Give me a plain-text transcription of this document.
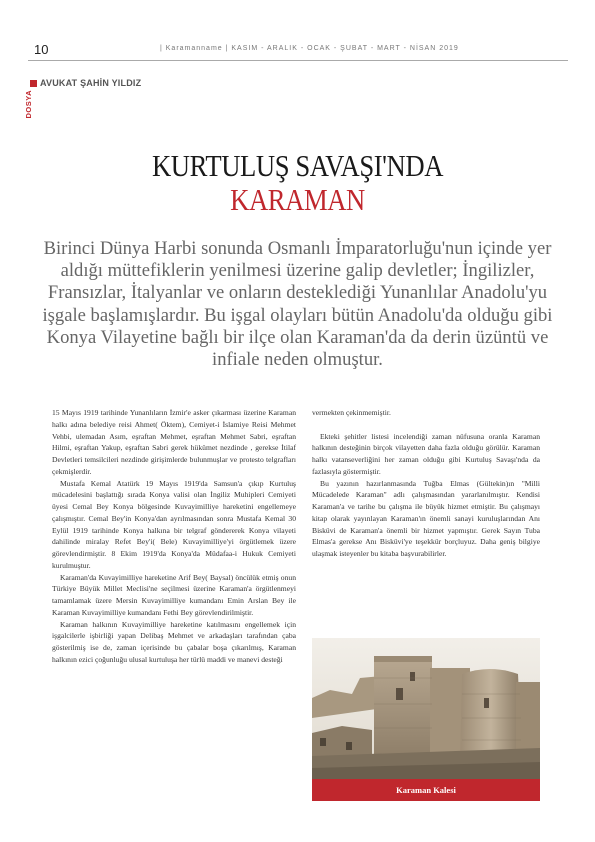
10	| Karamanname | KASIM - ARALIK - OCAK - ŞUBAT - MART - NİSAN 2019
DOSYA
AVUKAT ŞAHİN YILDIZ
KURTULUŞ SAVAŞI'NDA
KARAMAN
Birinci Dünya Harbi sonunda Osmanlı İmparatorluğu'nun içinde yer aldığı müttefiklerin yenilmesi üzerine galip devletler; İngilizler, Fransızlar, İtalyanlar ve onların desteklediği Yunanlılar Anadolu'yu işgale başlamışlardır. Bu işgal olayları bütün Anadolu'da olduğu gibi Konya Vilayetine bağlı bir ilçe olan Karaman'da da derin üzüntü ve infiale neden olmuştur.

15 Mayıs 1919 tarihinde Yunanlıların İzmir'e asker çıkarması üzerine Karaman halkı adına belediye reisi Ahmet( Öktem), Cemiyet-i İslamiye Reisi Mehmet Vehbi, ulemadan Asım, eşraftan Mehmet, eşraftan Mehmet Sabri, eşraftan Hilmi, eşraftan Yakup, eşraftan Sabri gerek hükümet nezdinde , gerekse İtilaf Devletleri temsilcileri nezdinde girişimlerde bulunmuşlar ve protesto telgrafları çekmişlerdir.

Mustafa Kemal Atatürk 19 Mayıs 1919'da Samsun'a çıkıp Kurtuluş mücadelesini başlattığı sırada Konya valisi olan İngiliz Muhipleri Cemiyeti üyesi Cemal Bey Konya bölgesinde Kuvayimilliye hareketini engellemeye çalışmıştır. Cemal Bey'in Konya'dan ayrılmasından sonra Mustafa Kemal 30 Eylül 1919 tarihinde Konya halkına bir telgraf göndererek Konya vilayeti dahilinde miralay Refet Bey'i( Bele) Kuvayimilliye'yi örgütlemek üzere görevlendirmiştir. 8 Ekim 1919'da Konya'da Müdafaa-i Hukuk Cemiyeti kurulmuştur.

Karaman'da Kuvayimilliye hareketine Arif Bey( Baysal) öncülük etmiş onun Türkiye Büyük Millet Meclisi'ne seçilmesi üzerine Karaman'a örgütlenmeyi tamamlamak üzere Mersin Kuvayimilliye kumandanı Emin Arslan Bey ile Karaman Kuvayimilliye kumandanı Fethi Bey görevlendirilmiştir.

Karaman halkının Kuvayimilliye hareketine katılmasını engellemek için işgalcilerle işbirliği yapan Delibaş Mehmet ve arkadaşları tarafından çaba gösterilmiş ise de, zaman içerisinde bu çabalar boşa çıkarılmış, Karaman halkının ezici çoğunluğu ulusal kurtuluşa her türlü maddi ve manevi desteği

vermekten çekinmemiştir.

Ekteki şehitler listesi incelendiği zaman nüfusuna oranla Karaman halkının desteğinin birçok vilayetten daha fazla olduğu görülür. Karaman halkı vatanseverliğini her zaman olduğu gibi Kurtuluş Savaşı'nda da fazlasıyla göstermiştir.

Bu yazının hazırlanmasında Tuğba Elmas (Gültekin)ın "Milli Mücadelede Karaman" adlı çalışmasından yararlanılmıştır. Kendisi Karaman'a ve tarihe bu çalışma ile büyük hizmet etmiştir. Bu çalışmayı kitap olarak yayınlayan Karaman'ın önemli sanayi kuruluşlarından Anı Bisküvi de Karaman'a önemli bir hizmet yapmıştır. Gerek Sayın Tuba Elmas'a gerekse Anı Bisküvi'ye teşekkür borçluyuz. Daha geniş bilgiye ulaşmak isteyenler bu kitaba başvurabilirler.

Karaman Kalesi
